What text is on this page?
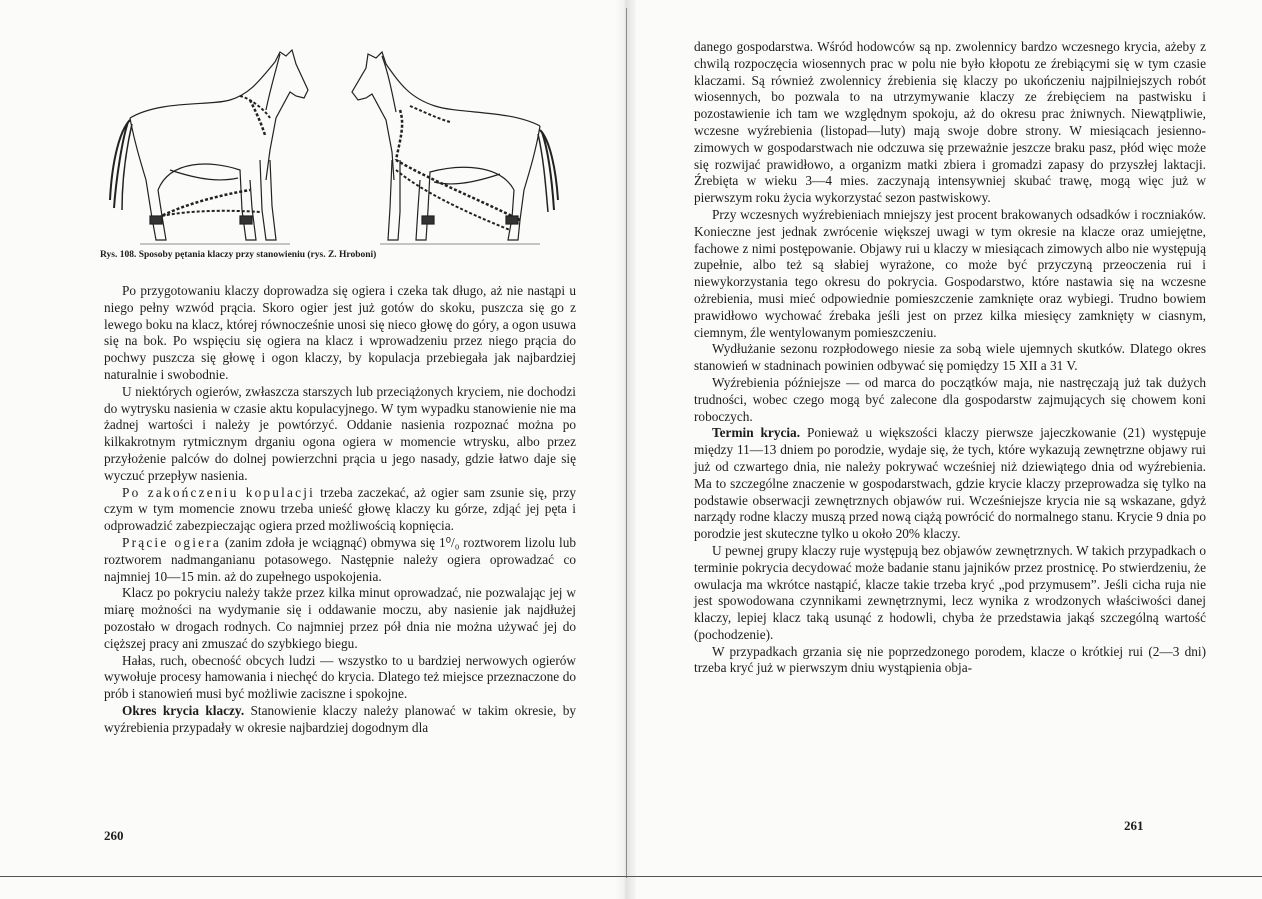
Rys. 108. Sposoby pętania klaczy przy stanowieniu (rys. Z. Hroboni)

Po przygotowaniu klaczy doprowadza się ogiera i czeka tak długo, aż nie nastąpi u niego pełny wzwód prącia. Skoro ogier jest już gotów do skoku, puszcza się go z lewego boku na klacz, której równocześnie unosi się nieco głowę do góry, a ogon usuwa się na bok. Po wspięciu się ogiera na klacz i wprowadzeniu przez niego prącia do pochwy puszcza się głowę i ogon klaczy, by kopulacja przebiegała jak najbardziej naturalnie i swobodnie.

U niektórych ogierów, zwłaszcza starszych lub przeciążonych kryciem, nie dochodzi do wytrysku nasienia w czasie aktu kopulacyjnego. W tym wypadku stanowienie nie ma żadnej wartości i należy je powtórzyć. Oddanie nasienia rozpoznać można po kilkakrotnym rytmicznym drganiu ogona ogiera w momencie wtrysku, albo przez przyłożenie palców do dolnej powierzchni prącia u jego nasady, gdzie łatwo daje się wyczuć przepływ nasienia.

Po zakończeniu kopulacji trzeba zaczekać, aż ogier sam zsunie się, przy czym w tym momencie znowu trzeba unieść głowę klaczy ku górze, zdjąć jej pęta i odprowadzić zabezpieczając ogiera przed możliwością kopnięcia.

Prącie ogiera (zanim zdoła je wciągnąć) obmywa się 1⁰/₀ roztworem lizolu lub roztworem nadmanganianu potasowego. Następnie należy ogiera oprowadzać co najmniej 10—15 min. aż do zupełnego uspokojenia.

Klacz po pokryciu należy także przez kilka minut oprowadzać, nie pozwalając jej w miarę możności na wydymanie się i oddawanie moczu, aby nasienie jak najdłużej pozostało w drogach rodnych. Co najmniej przez pół dnia nie można używać jej do cięższej pracy ani zmuszać do szybkiego biegu.

Hałas, ruch, obecność obcych ludzi — wszystko to u bardziej nerwowych ogierów wywołuje procesy hamowania i niechęć do krycia. Dlatego też miejsce przeznaczone do prób i stanowień musi być możliwie zaciszne i spokojne.

Okres krycia klaczy. Stanowienie klaczy należy planować w takim okresie, by wyźrebienia przypadały w okresie najbardziej dogodnym dla

260

danego gospodarstwa. Wśród hodowców są np. zwolennicy bardzo wczesnego krycia, ażeby z chwilą rozpoczęcia wiosennych prac w polu nie było kłopotu ze źrebiącymi się w tym czasie klaczami. Są również zwolennicy źrebienia się klaczy po ukończeniu najpilniejszych robót wiosennych, bo pozwala to na utrzymywanie klaczy ze źrebięciem na pastwisku i pozostawienie ich tam we względnym spokoju, aż do okresu prac żniwnych. Niewątpliwie, wczesne wyźrebienia (listopad—luty) mają swoje dobre strony. W miesiącach jesienno-zimowych w gospodarstwach nie odczuwa się przeważnie jeszcze braku pasz, płód więc może się rozwijać prawidłowo, a organizm matki zbiera i gromadzi zapasy do przyszłej laktacji. Źrebięta w wieku 3—4 mies. zaczynają intensywniej skubać trawę, mogą więc już w pierwszym roku życia wykorzystać sezon pastwiskowy.

Przy wczesnych wyźrebieniach mniejszy jest procent brakowanych odsadków i roczniaków. Konieczne jest jednak zwrócenie większej uwagi w tym okresie na klacze oraz umiejętne, fachowe z nimi postępowanie. Objawy rui u klaczy w miesiącach zimowych albo nie występują zupełnie, albo też są słabiej wyrażone, co może być przyczyną przeoczenia rui i niewykorzystania tego okresu do pokrycia. Gospodarstwo, które nastawia się na wczesne ożrebienia, musi mieć odpowiednie pomieszczenie zamknięte oraz wybiegi. Trudno bowiem prawidłowo wychować źrebaka jeśli jest on przez kilka miesięcy zamknięty w ciasnym, ciemnym, źle wentylowanym pomieszczeniu.

Wydłużanie sezonu rozpłodowego niesie za sobą wiele ujemnych skutków. Dlatego okres stanowień w stadninach powinien odbywać się pomiędzy 15 XII a 31 V.

Wyźrebienia późniejsze — od marca do początków maja, nie nastręczają już tak dużych trudności, wobec czego mogą być zalecone dla gospodarstw zajmujących się chowem koni roboczych.

Termin krycia. Ponieważ u większości klaczy pierwsze jajeczkowanie (21) występuje między 11—13 dniem po porodzie, wydaje się, że tych, które wykazują zewnętrzne objawy rui już od czwartego dnia, nie należy pokrywać wcześniej niż dziewiątego dnia od wyźrebienia. Ma to szczególne znaczenie w gospodarstwach, gdzie krycie klaczy przeprowadza się tylko na podstawie obserwacji zewnętrznych objawów rui. Wcześniejsze krycia nie są wskazane, gdyż narządy rodne klaczy muszą przed nową ciążą powrócić do normalnego stanu. Krycie 9 dnia po porodzie jest skuteczne tylko u około 20% klaczy.

U pewnej grupy klaczy ruje występują bez objawów zewnętrznych. W takich przypadkach o terminie pokrycia decydować może badanie stanu jajników przez prostnicę. Po stwierdzeniu, że owulacja ma wkrótce nastąpić, klacze takie trzeba kryć „pod przymusem”. Jeśli cicha ruja nie jest spowodowana czynnikami zewnętrznymi, lecz wynika z wrodzonych właściwości danej klaczy, lepiej klacz taką usunąć z hodowli, chyba że przedstawia jakąś szczególną wartość (pochodzenie).

W przypadkach grzania się nie poprzedzonego porodem, klacze o krótkiej rui (2—3 dni) trzeba kryć już w pierwszym dniu wystąpienia obja-

261
